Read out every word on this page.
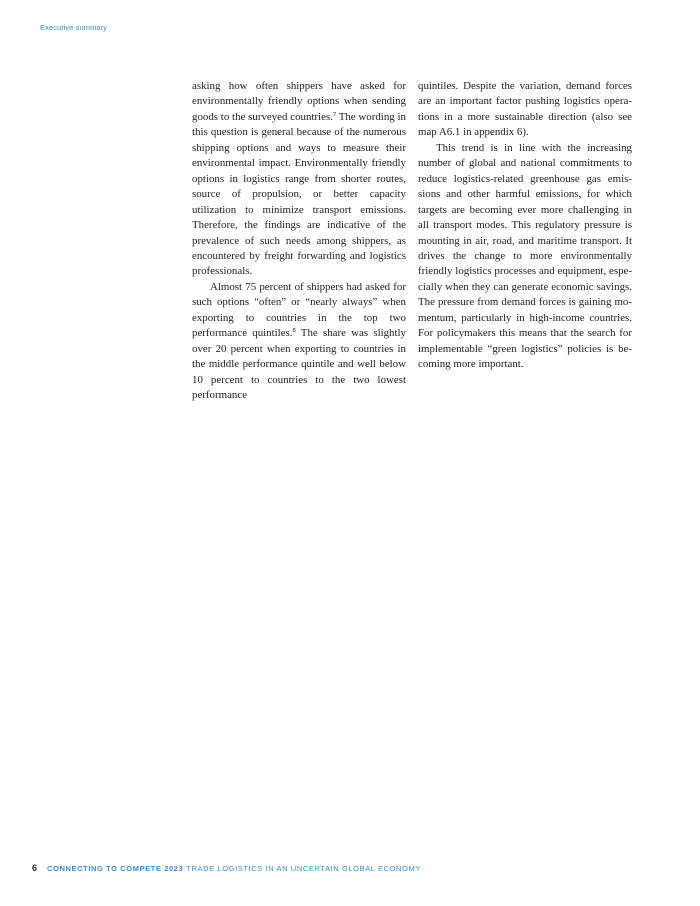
Executive summary

asking how often shippers have asked for environmentally friendly options when sending goods to the surveyed countries.$^7$ The wording in this question is general because of the numerous shipping options and ways to measure their environmental impact. Environmentally friendly options in logistics range from shorter routes, source of propulsion, or better capacity utilization to minimize transport emissions. Therefore, the findings are indicative of the prevalence of such needs among shippers, as encountered by freight forwarding and logistics professionals.

Almost 75 percent of shippers had asked for such options “often” or “nearly always” when exporting to countries in the top two performance quintiles.$^8$ The share was slightly over 20 percent when exporting to countries in the middle performance quintile and well below 10 percent to countries to the two lowest performance

quintiles. Despite the variation, demand forces are an important factor pushing logistics operations in a more sustainable direction (also see map A6.1 in appendix 6).

This trend is in line with the increasing number of global and national commitments to reduce logistics-related greenhouse gas emissions and other harmful emissions, for which targets are becoming ever more challenging in all transport modes. This regulatory pressure is mounting in air, road, and maritime transport. It drives the change to more environmentally friendly logistics processes and equipment, especially when they can generate economic savings. The pressure from demand forces is gaining momentum, particularly in high-income countries. For policymakers this means that the search for implementable “green logistics” policies is becoming more important.

6 CONNECTING TO COMPETE 2023 TRADE LOGISTICS IN AN UNCERTAIN GLOBAL ECONOMY
